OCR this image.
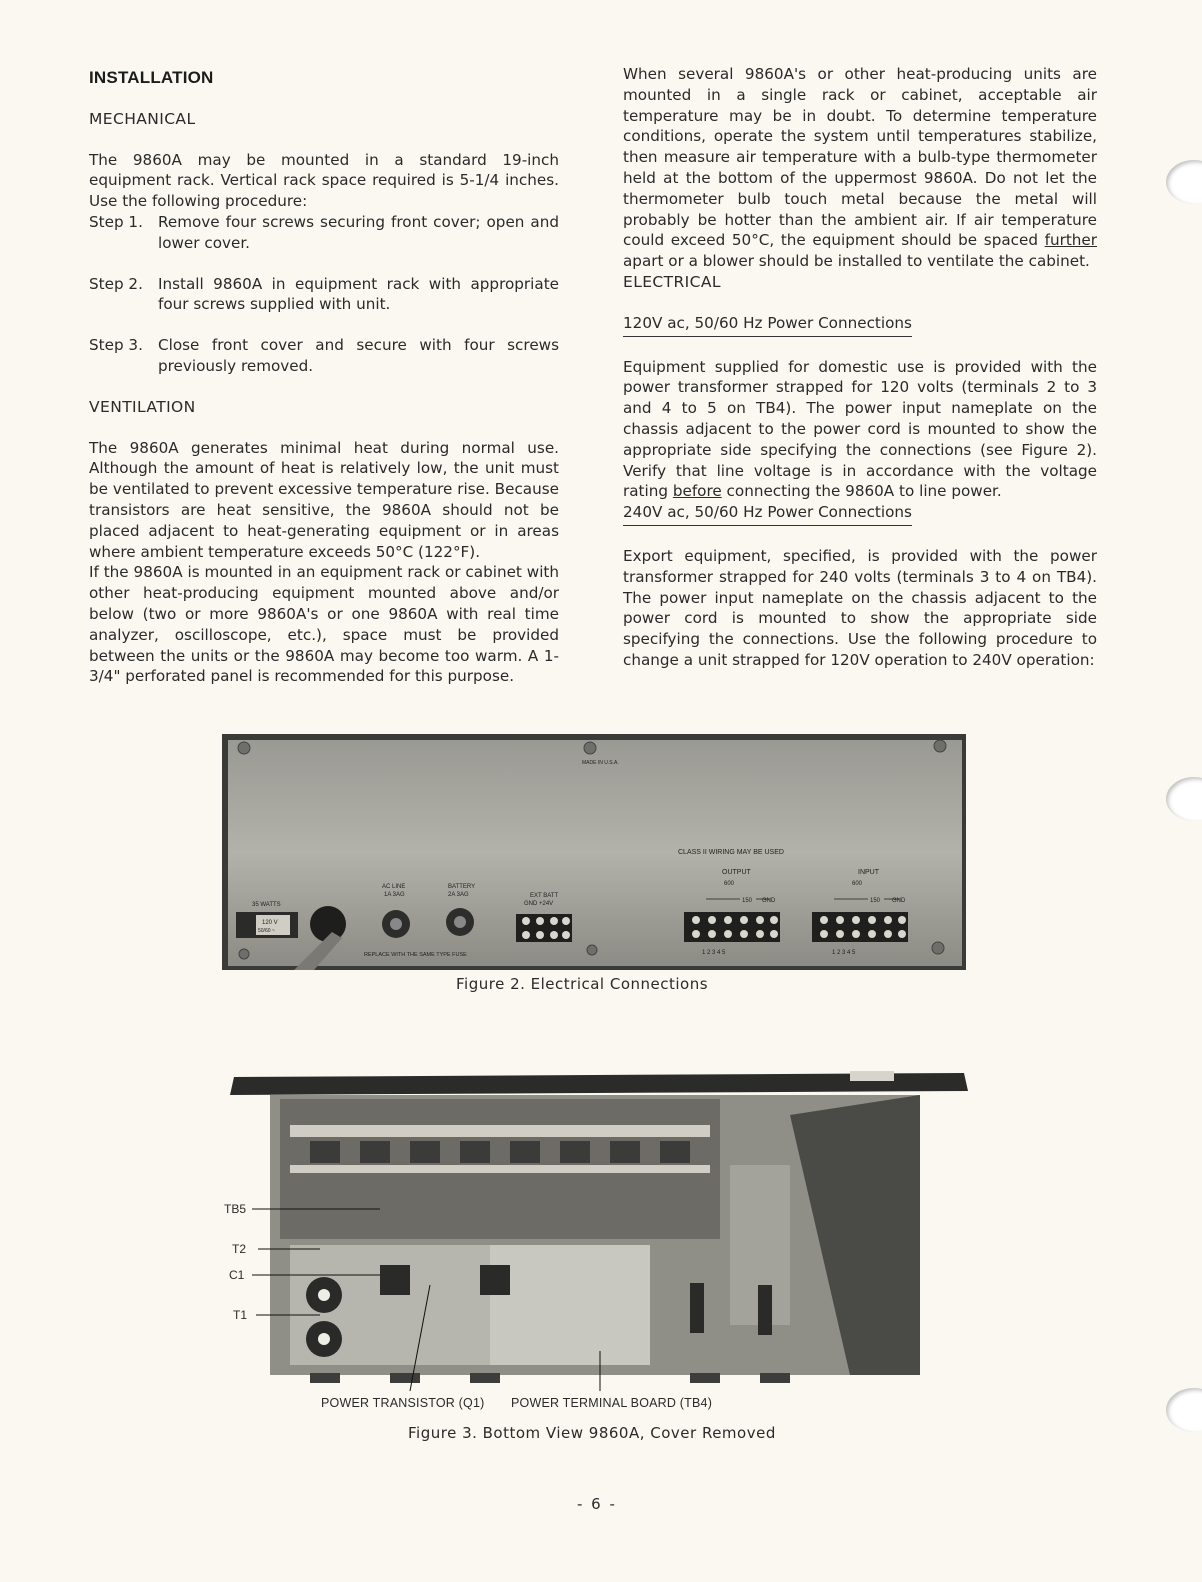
INSTALLATION
MECHANICAL

The 9860A may be mounted in a standard 19-inch equipment rack. Vertical rack space required is 5-1/4 inches. Use the following procedure:

Step 1. Remove four screws securing front cover; open and lower cover.
Step 2. Install 9860A in equipment rack with appropriate four screws supplied with unit.
Step 3. Close front cover and secure with four screws previously removed.
VENTILATION

The 9860A generates minimal heat during normal use. Although the amount of heat is relatively low, the unit must be ventilated to prevent excessive temperature rise. Because transistors are heat sensitive, the 9860A should not be placed adjacent to heat-generating equipment or in areas where ambient temperature exceeds 50°C (122°F).

If the 9860A is mounted in an equipment rack or cabinet with other heat-producing equipment mounted above and/or below (two or more 9860A's or one 9860A with real time analyzer, oscilloscope, etc.), space must be provided between the units or the 9860A may become too warm. A 1-3/4" perforated panel is recommended for this purpose.

When several 9860A's or other heat-producing units are mounted in a single rack or cabinet, acceptable air temperature may be in doubt. To determine temperature conditions, operate the system until temperatures stabilize, then measure air temperature with a bulb-type thermometer held at the bottom of the uppermost 9860A. Do not let the thermometer bulb touch metal because the metal will probably be hotter than the ambient air. If air temperature could exceed 50°C, the equipment should be spaced further apart or a blower should be installed to ventilate the cabinet.

ELECTRICAL
120V ac, 50/60 Hz Power Connections

Equipment supplied for domestic use is provided with the power transformer strapped for 120 volts (terminals 2 to 3 and 4 to 5 on TB4). The power input nameplate on the chassis adjacent to the power cord is mounted to show the appropriate side specifying the connections (see Figure 2). Verify that line voltage is in accordance with the voltage rating before connecting the 9860A to line power.

240V ac, 50/60 Hz Power Connections

Export equipment, specified, is provided with the power transformer strapped for 240 volts (terminals 3 to 4 on TB4). The power input nameplate on the chassis adjacent to the power cord is mounted to show the appropriate side specifying the connections. Use the following procedure to change a unit strapped for 120V operation to 240V operation:

MADE IN U.S.A.
CLASS II WIRING MAY BE USED
OUTPUT
600
150 GND
INPUT
600
150 GND
1 2 3 4 5	1 2 3 4 5
EXT BATT
GND +24V
AC LINE
1A 3AG
BATTERY
2A 3AG
REPLACE WITH THE SAME TYPE FUSE
35 WATTS
120 V
50/60 ~
Figure 2. Electrical Connections
TB5
T2
C1
T1
POWER TRANSISTOR (Q1) POWER TERMINAL BOARD (TB4)
Figure 3. Bottom View 9860A, Cover Removed
- 6 -
